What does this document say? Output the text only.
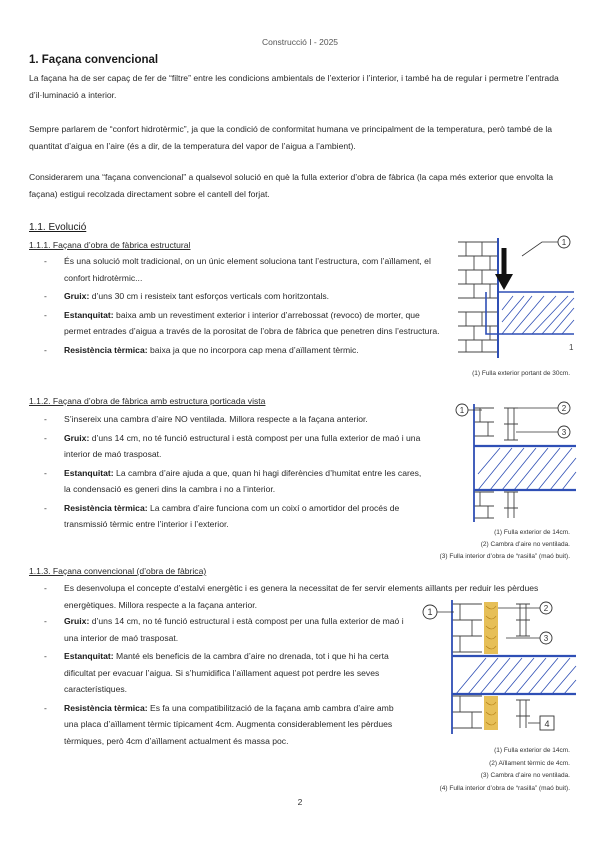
Construcció I - 2025
1. Façana convencional
La façana ha de ser capaç de fer de “filtre” entre les condicions ambientals de l’exterior i l’interior, i també ha de regular i permetre l’entrada d’il·luminació a interior.
Sempre parlarem de “confort hidrotèrmic”, ja que la condició de conformitat humana ve principalment de la temperatura, però també de la quantitat d’aigua en l’aire (és a dir, de la temperatura del vapor de l’aigua a l’ambient).
Considerarem una “façana convencional” a qualsevol solució en què la fulla exterior d’obra de fàbrica (la capa més exterior que envolta la façana) estigui recolzada directament sobre el cantell del forjat.
1.1. Evolució
1.1.1. Façana d’obra de fàbrica estructural
- És una solució molt tradicional, on un únic element soluciona tant l’estructura, com l’aïllament, el confort hidrotèrmic...
- Gruix: d’uns 30 cm i resisteix tant esforços verticals com horitzontals.
- Estanquitat: baixa amb un revestiment exterior i interior d’arrebossat (revoco) de morter, que permet entrades d’aigua a través de la porositat de l’obra de fàbrica que penetren dins l’estructura.
- Resistència tèrmica: baixa ja que no incorpora cap mena d’aïllament tèrmic.
1
1
(1) Fulla exterior portant de 30cm.
1.1.2. Façana d’obra de fàbrica amb estructura porticada vista
- S’insereix una cambra d’aire NO ventilada. Millora respecte a la façana anterior.
- Gruix: d’uns 14 cm, no té funció estructural i està compost per una fulla exterior de maó i una interior de maó trasposat.
- Estanquitat: La cambra d’aire ajuda a que, quan hi hagi diferències d’humitat entre les cares, la condensació es generi dins la cambra i no a l’interior.
- Resistència tèrmica: La cambra d’aire funciona com un coixí o amortidor del procés de transmissió tèrmic entre l’interior i l’exterior.
1	2
3
(1) Fulla exterior de 14cm.
(2) Cambra d’aire no ventilada.
(3) Fulla interior d’obra de “rasilla” (maó buit).
1.1.3. Façana convencional (d’obra de fàbrica)
- Es desenvolupa el concepte d’estalvi energètic i es genera la necessitat de fer servir elements aïllants per reduir les pèrdues energètiques. Millora respecte a la façana anterior.
- Gruix: d’uns 14 cm, no té funció estructural i està compost per una fulla exterior de maó i una interior de maó trasposat.
- Estanquitat: Manté els beneficis de la cambra d’aire no drenada, tot i que hi ha certa dificultat per evacuar l’aigua. Si s’humidifica l’aïllament aquest pot perdre les seves característiques.
- Resistència tèrmica: Es fa una compatibilització de la façana amb cambra d’aire amb una placa d’aïllament tèrmic típicament 4cm. Augmenta considerablement les pèrdues tèrmiques, però 4cm d’aïllament actualment és massa poc.
1	2
3
4
(1) Fulla exterior de 14cm.
(2) Aïllament tèrmic de 4cm.
(3) Cambra d’aire no ventilada.
(4) Fulla interior d’obra de “rasilla” (maó buit).
2
